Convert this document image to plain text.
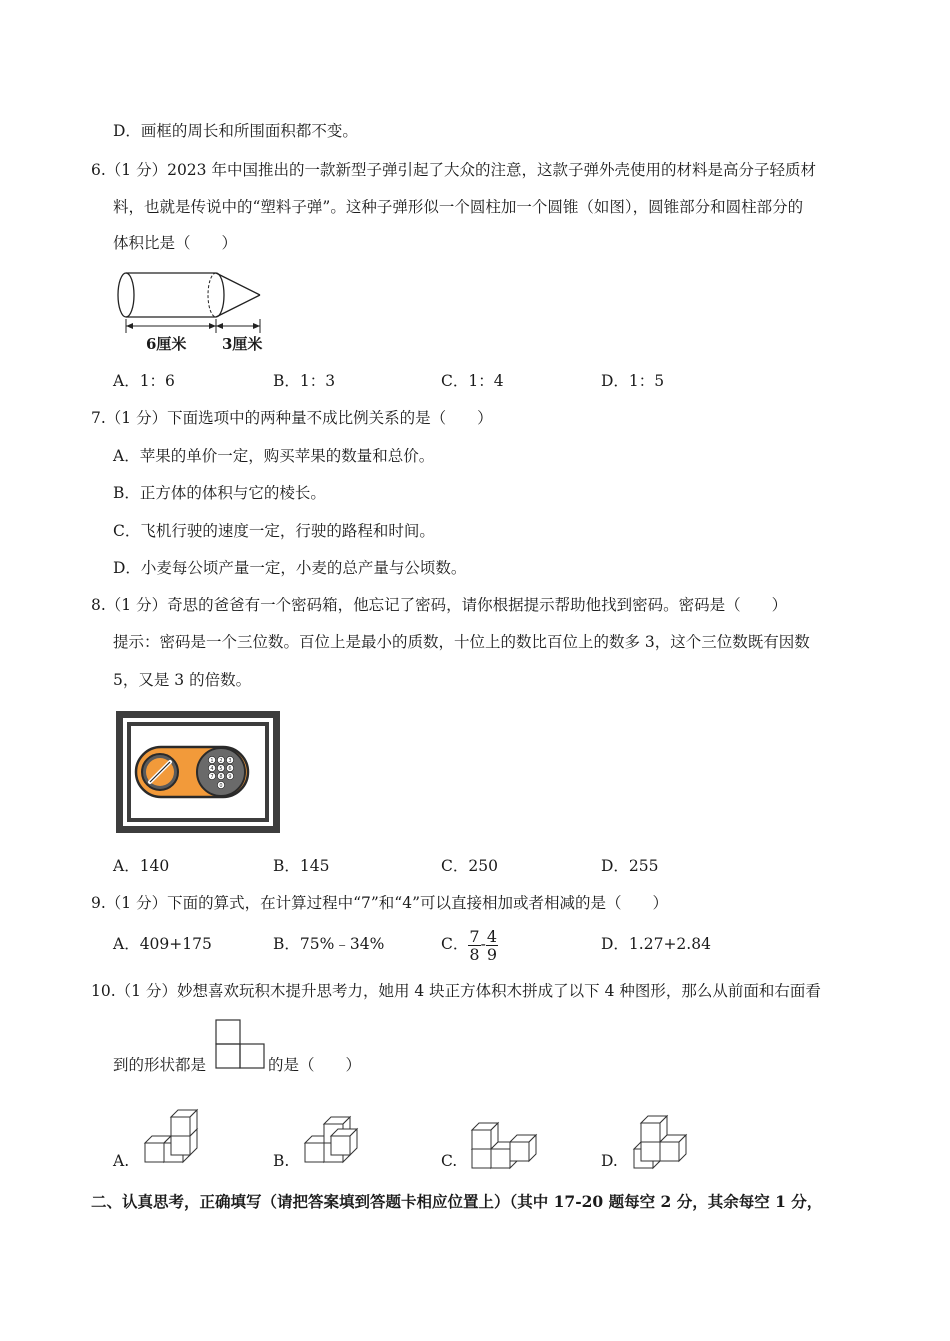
D．画框的周长和所围面积都不变。
6.（1 分）2023 年中国推出的一款新型子弹引起了大众的注意，这款子弹外壳使用的材料是高分子轻质材
料，也就是传说中的“塑料子弹”。这种子弹形似一个圆柱加一个圆锥（如图），圆锥部分和圆柱部分的
体积比是（　　）
6厘米 3厘米
A．1：6	B．1：3	C．1：4	D．1：5
7.（1 分）下面选项中的两种量不成比例关系的是（　　）
A．苹果的单价一定，购买苹果的数量和总价。
B．正方体的体积与它的棱长。
C．飞机行驶的速度一定，行驶的路程和时间。
D．小麦每公顷产量一定，小麦的总产量与公顷数。
8.（1 分）奇思的爸爸有一个密码箱，他忘记了密码，请你根据提示帮助他找到密码。密码是（　　）
提示：密码是一个三位数。百位上是最小的质数，十位上的数比百位上的数多 3，这个三位数既有因数
5，又是 3 的倍数。
1 2 3
4 5 6
7 8 9
0
A．140	B．145	C．250	D．255
9.（1 分）下面的算式，在计算过程中“7”和“4”可以直接相加或者相减的是（　　）
A．409+175	B．75%﹣34%	C． $\frac{7}{8} - \frac{4}{9}$	D．1.27+2.84
10.（1 分）妙想喜欢玩积木提升思考力，她用 4 块正方体积木拼成了以下 4 种图形，那么从前面和右面看
到的形状都是	的是（　　）
A.	B.	C.	D.
二、认真思考，正确填写（请把答案填到答题卡相应位置上）（其中 17-20 题每空 2 分，其余每空 1 分，
